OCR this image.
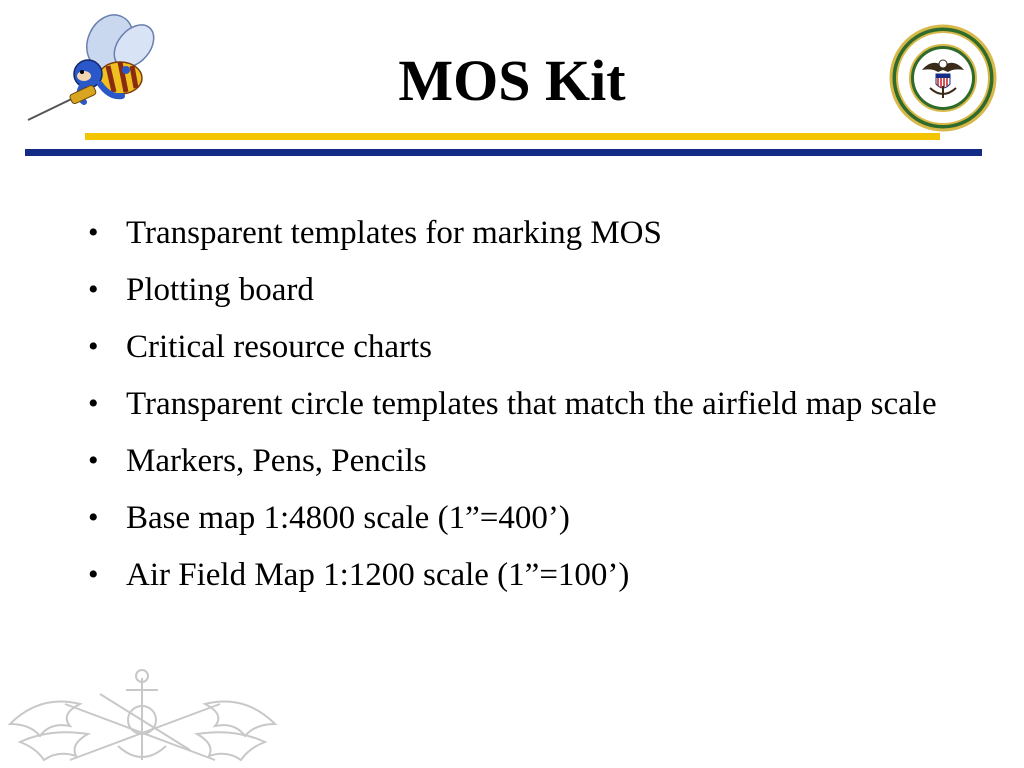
MOS Kit
• Transparent templates for marking MOS
• Plotting board
• Critical resource charts
• Transparent circle templates that match the airfield map scale
• Markers, Pens, Pencils
• Base map 1:4800 scale (1”=400’)
• Air Field Map 1:1200 scale (1”=100’)
